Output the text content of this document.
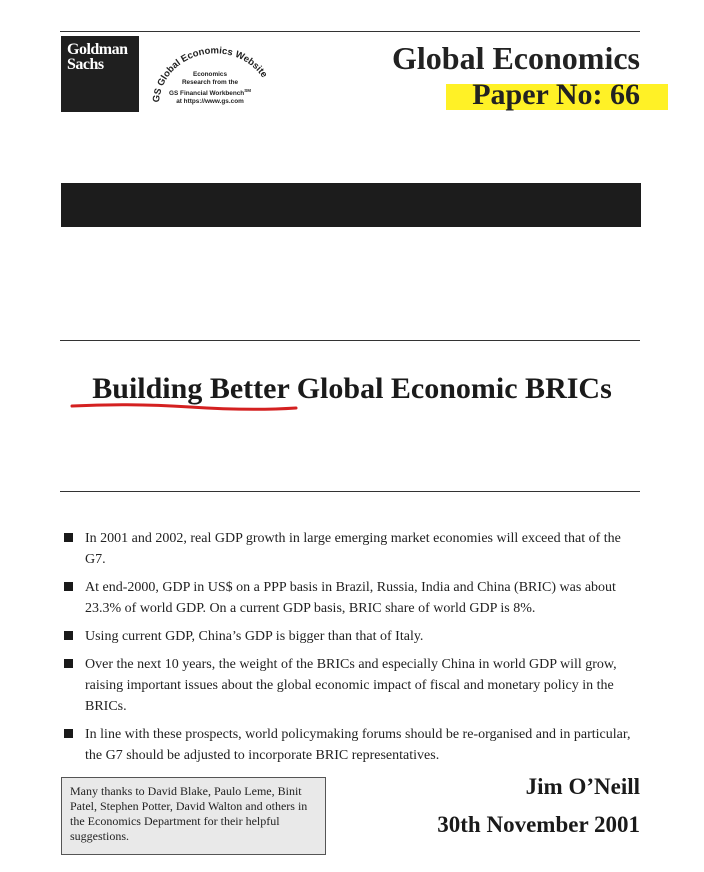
Goldman
Sachs
GS Global Economics Website
Economics
Research from the
GS Financial Workbench℠
at https://www.gs.com
Global Economics
Paper No: 66
Building Better Global Economic BRICs
In 2001 and 2002, real GDP growth in large emerging market economies will exceed that of the G7.
At end-2000, GDP in US$ on a PPP basis in Brazil, Russia, India and China (BRIC) was about 23.3% of world GDP. On a current GDP basis, BRIC share of world GDP is 8%.
Using current GDP, China’s GDP is bigger than that of Italy.
Over the next 10 years, the weight of the BRICs and especially China in world GDP will grow, raising important issues about the global economic impact of fiscal and monetary policy in the BRICs.
In line with these prospects, world policymaking forums should be re-organised and in particular, the G7 should be adjusted to incorporate BRIC representatives.
Many thanks to David Blake, Paulo Leme, Binit Patel, Stephen Potter, David Walton and others in the Economics Department for their helpful suggestions.
Jim O’Neill
30th November 2001
